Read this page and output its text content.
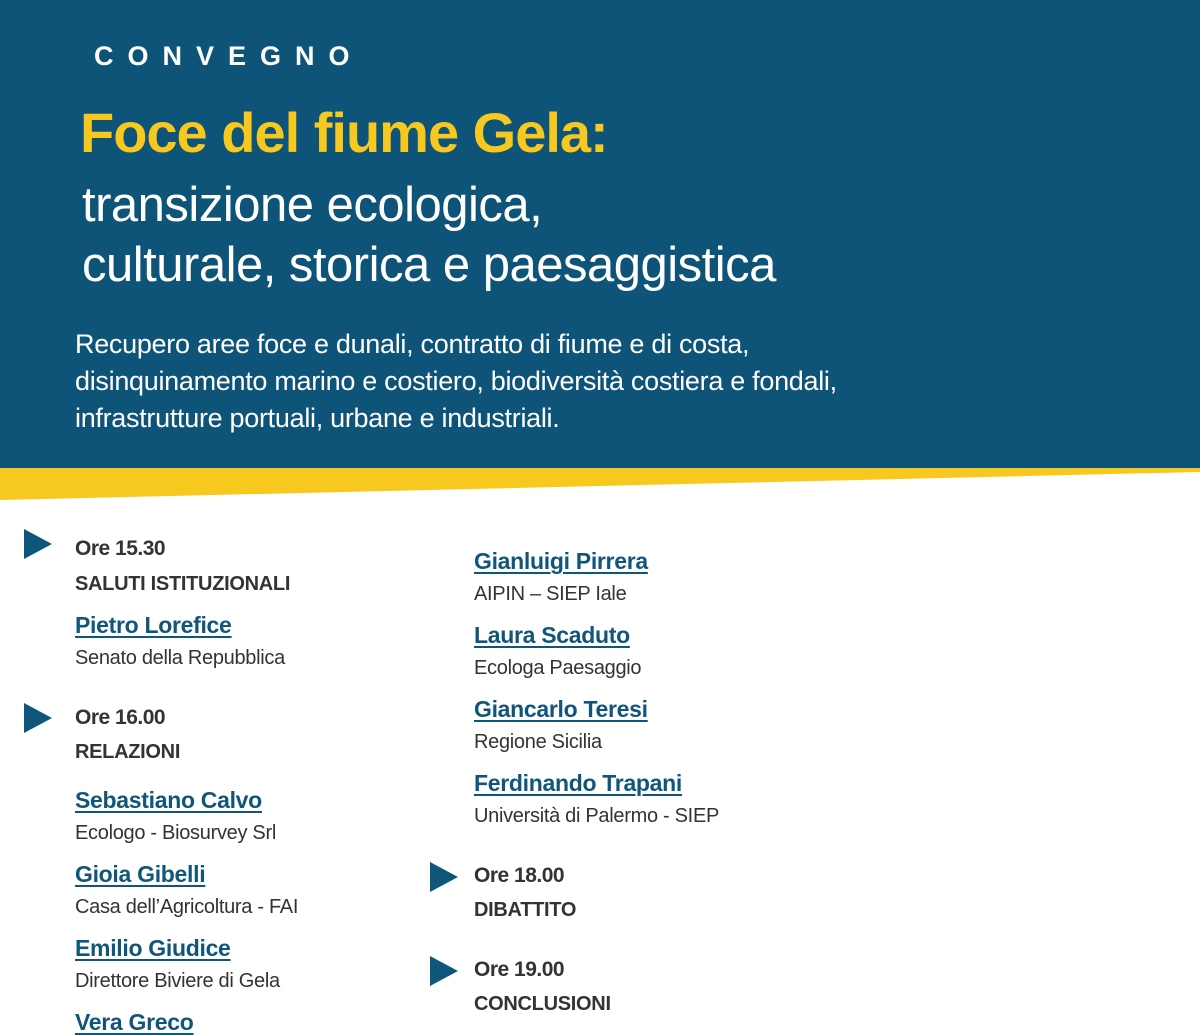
CONVEGNO

Foce del fiume Gela:
transizione ecologica,
culturale, storica e paesaggistica

Recupero aree foce e dunali, contratto di fiume e di costa,
disinquinamento marino e costiero, biodiversità costiera e fondali,
infrastrutture portuali, urbane e industriali.

Ore 15.30
SALUTI ISTITUZIONALI
Pietro Lorefice
Senato della Repubblica
Ore 16.00
RELAZIONI
Sebastiano Calvo
Ecologo - Biosurvey Srl
Gioia Gibelli
Casa dell’Agricoltura - FAI
Emilio Giudice
Direttore Biviere di Gela
Vera Greco
Gianluigi Pirrera
AIPIN – SIEP Iale
Laura Scaduto
Ecologa Paesaggio
Giancarlo Teresi
Regione Sicilia
Ferdinando Trapani
Università di Palermo - SIEP
Ore 18.00
DIBATTITO
Ore 19.00
CONCLUSIONI
